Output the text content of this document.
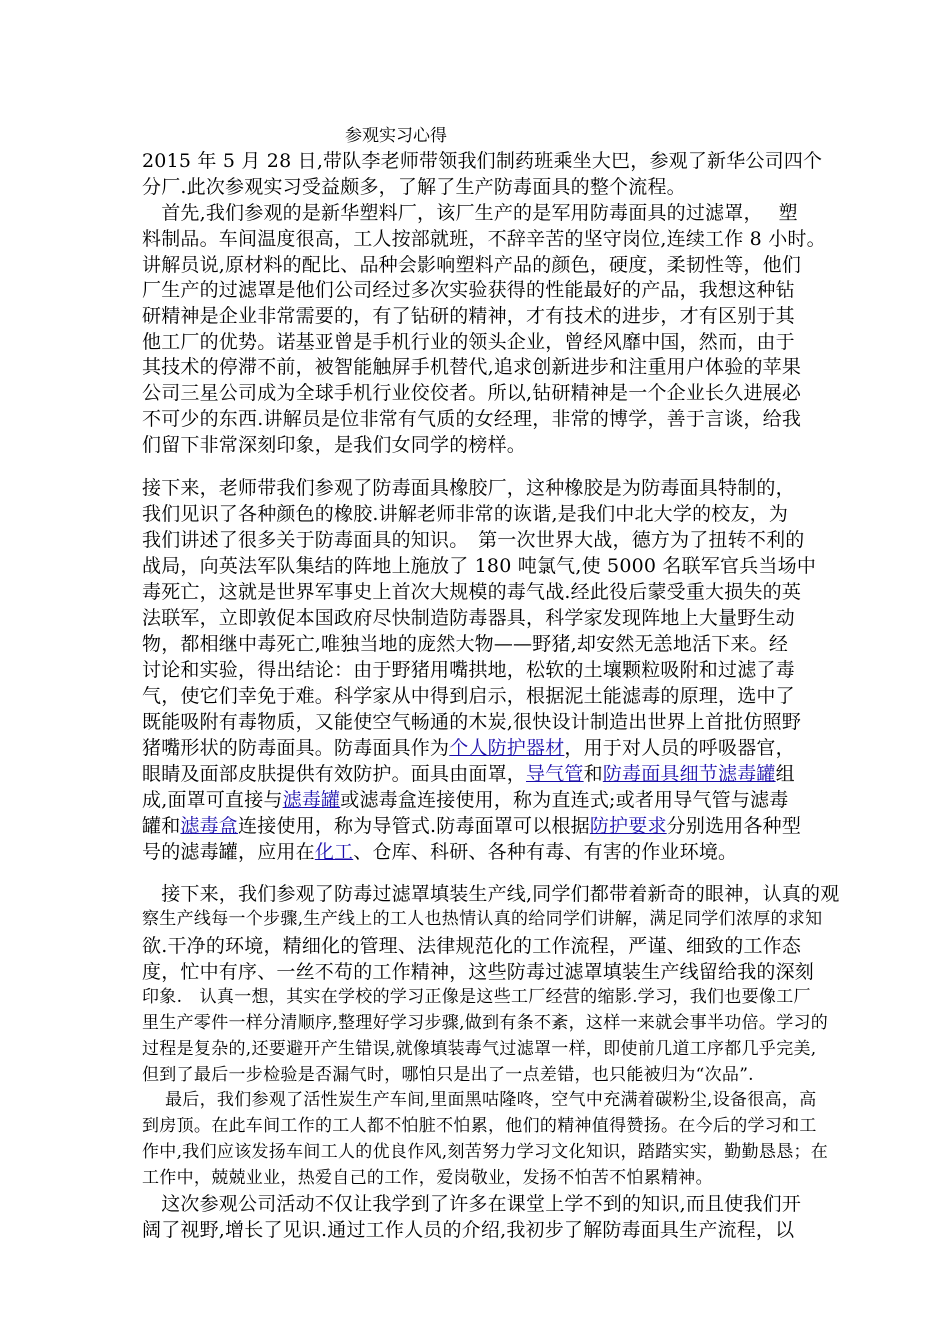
参观实习心得
2015 年 5 月 28 日,带队李老师带领我们制药班乘坐大巴，参观了新华公司四个
分厂.此次参观实习受益颇多，了解了生产防毒面具的整个流程。
　首先,我们参观的是新华塑料厂，该厂生产的是军用防毒面具的过滤罩，　 塑
料制品。车间温度很高，工人按部就班，不辞辛苦的坚守岗位,连续工作 8 小时。
讲解员说,原材料的配比、品种会影响塑料产品的颜色，硬度，柔韧性等，他们
厂生产的过滤罩是他们公司经过多次实验获得的性能最好的产品，我想这种钻
研精神是企业非常需要的，有了钻研的精神，才有技术的进步，才有区别于其
他工厂的优势。诺基亚曾是手机行业的领头企业，曾经风靡中国，然而，由于
其技术的停滞不前，被智能触屏手机替代,追求创新进步和注重用户体验的苹果
公司三星公司成为全球手机行业佼佼者。所以,钻研精神是一个企业长久进展必
不可少的东西.讲解员是位非常有气质的女经理，非常的博学，善于言谈，给我
们留下非常深刻印象，是我们女同学的榜样。
接下来，老师带我们参观了防毒面具橡胶厂，这种橡胶是为防毒面具特制的，
我们见识了各种颜色的橡胶.讲解老师非常的诙谐,是我们中北大学的校友，为
我们讲述了很多关于防毒面具的知识。　第一次世界大战，德方为了扭转不利的
战局，向英法军队集结的阵地上施放了 180 吨氯气,使 5000 名联军官兵当场中
毒死亡，这就是世界军事史上首次大规模的毒气战.经此役后蒙受重大损失的英
法联军，立即敦促本国政府尽快制造防毒器具，科学家发现阵地上大量野生动
物，都相继中毒死亡,唯独当地的庞然大物——野猪,却安然无恙地活下来。经
讨论和实验，得出结论：由于野猪用嘴拱地，松软的土壤颗粒吸附和过滤了毒
气，使它们幸免于难。科学家从中得到启示，根据泥土能滤毒的原理，选中了
既能吸附有毒物质，又能使空气畅通的木炭,很快设计制造出世界上首批仿照野
猪嘴形状的防毒面具。防毒面具作为个人防护器材，用于对人员的呼吸器官，
眼睛及面部皮肤提供有效防护。面具由面罩，导气管和防毒面具细节滤毒罐组
成,面罩可直接与滤毒罐或滤毒盒连接使用，称为直连式;或者用导气管与滤毒
罐和滤毒盒连接使用，称为导管式.防毒面罩可以根据防护要求分别选用各种型
号的滤毒罐，应用在化工、仓库、科研、各种有毒、有害的作业环境。
　接下来，我们参观了防毒过滤罩填装生产线,同学们都带着新奇的眼神，认真的观
察生产线每一个步骤,生产线上的工人也热情认真的给同学们讲解，满足同学们浓厚的求知
欲.干净的环境，精细化的管理、法律规范化的工作流程，严谨、细致的工作态
度，忙中有序、一丝不苟的工作精神，这些防毒过滤罩填装生产线留给我的深刻
印象.　认真一想，其实在学校的学习正像是这些工厂经营的缩影.学习，我们也要像工厂
里生产零件一样分清顺序,整理好学习步骤,做到有条不紊，这样一来就会事半功倍。学习的
过程是复杂的,还要避开产生错误,就像填装毒气过滤罩一样，即使前几道工序都几乎完美,
但到了最后一步检验是否漏气时，哪怕只是出了一点差错，也只能被归为“次品”.
　 最后，我们参观了活性炭生产车间,里面黑咕隆咚，空气中充满着碳粉尘,设备很高，高
到房顶。在此车间工作的工人都不怕脏不怕累，他们的精神值得赞扬。在今后的学习和工
作中,我们应该发扬车间工人的优良作风,刻苦努力学习文化知识，踏踏实实，勤勤恳恳；在
工作中，兢兢业业，热爱自己的工作，爱岗敬业，发扬不怕苦不怕累精神。
　这次参观公司活动不仅让我学到了许多在课堂上学不到的知识,而且使我们开
阔了视野,增长了见识.通过工作人员的介绍,我初步了解防毒面具生产流程，以
